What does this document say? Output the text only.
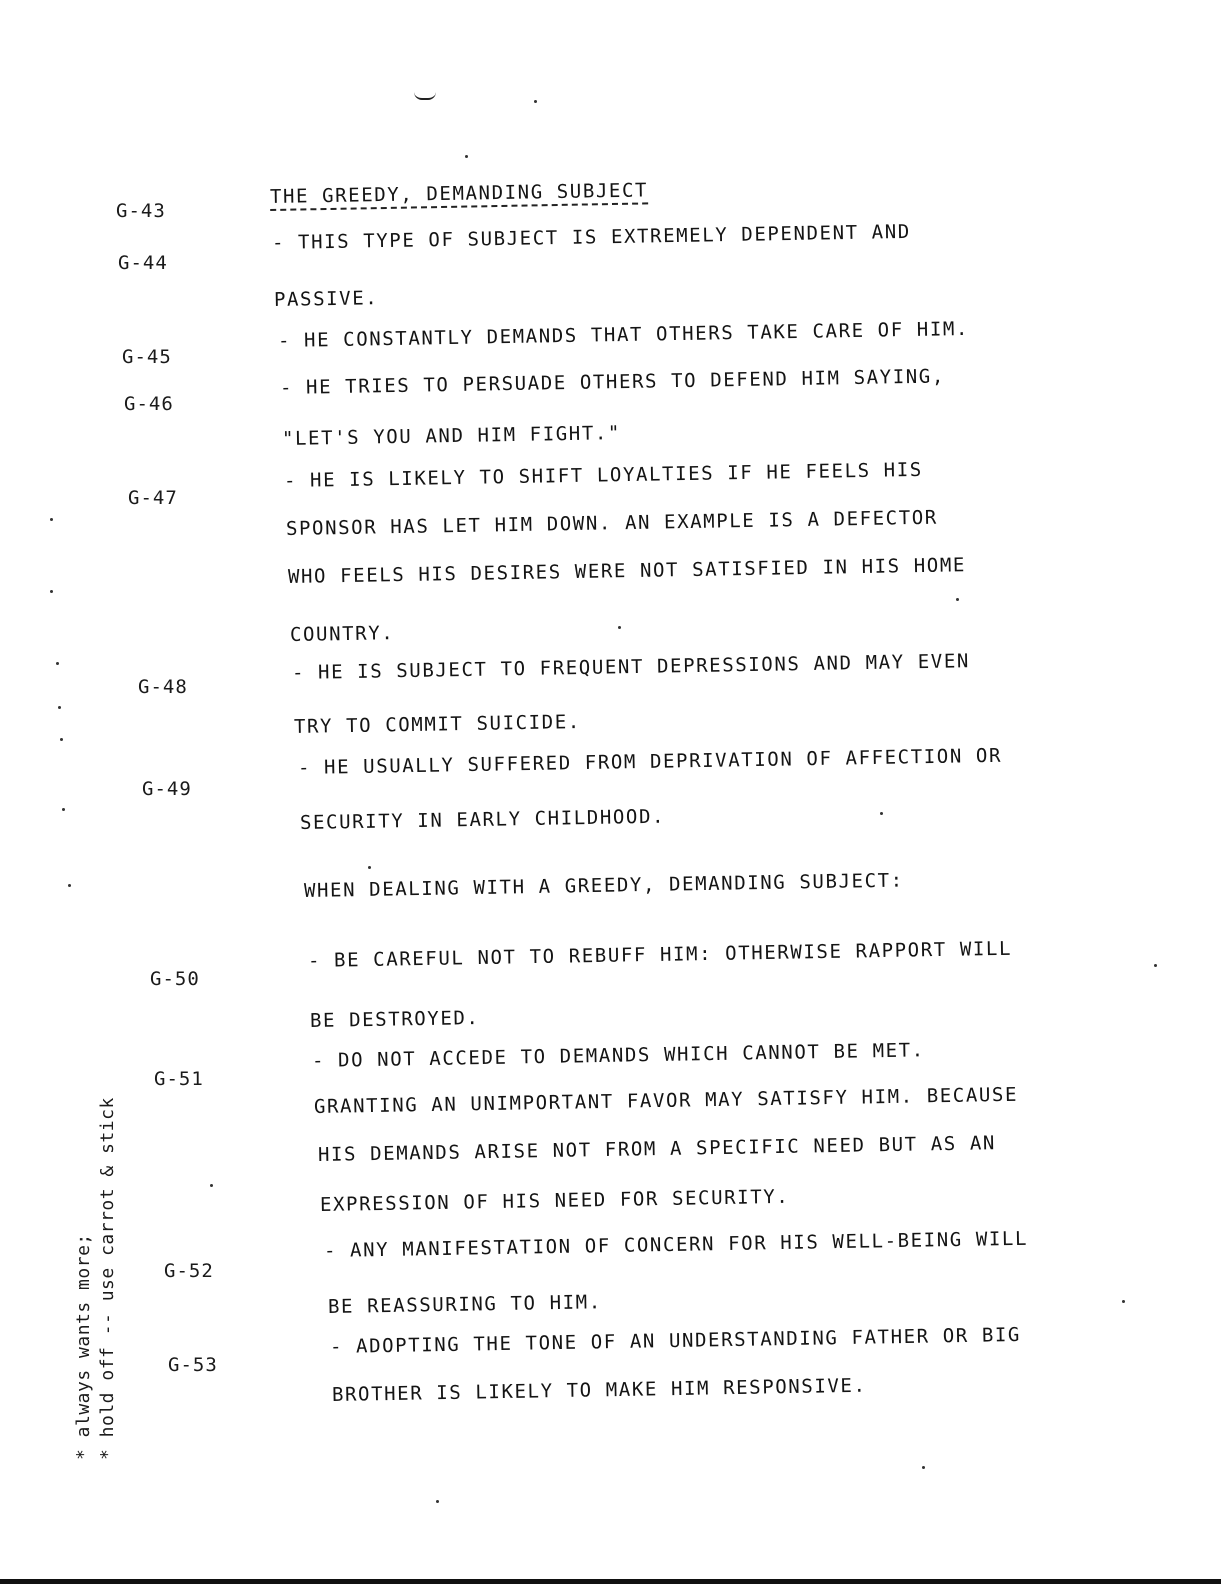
G-43
G-44
G-45
G-46
G-47
G-48
G-49
G-50
G-51
G-52
G-53
THE GREEDY, DEMANDING SUBJECT
- THIS TYPE OF SUBJECT IS EXTREMELY DEPENDENT AND
PASSIVE.
- HE CONSTANTLY DEMANDS THAT OTHERS TAKE CARE OF HIM.
- HE TRIES TO PERSUADE OTHERS TO DEFEND HIM SAYING,
"LET'S YOU AND HIM FIGHT."
- HE IS LIKELY TO SHIFT LOYALTIES IF HE FEELS HIS
SPONSOR HAS LET HIM DOWN. AN EXAMPLE IS A DEFECTOR
WHO FEELS HIS DESIRES WERE NOT SATISFIED IN HIS HOME
COUNTRY.
- HE IS SUBJECT TO FREQUENT DEPRESSIONS AND MAY EVEN
TRY TO COMMIT SUICIDE.
- HE USUALLY SUFFERED FROM DEPRIVATION OF AFFECTION OR
SECURITY IN EARLY CHILDHOOD.
WHEN DEALING WITH A GREEDY, DEMANDING SUBJECT:
- BE CAREFUL NOT TO REBUFF HIM: OTHERWISE RAPPORT WILL
BE DESTROYED.
- DO NOT ACCEDE TO DEMANDS WHICH CANNOT BE MET.
GRANTING AN UNIMPORTANT FAVOR MAY SATISFY HIM. BECAUSE
HIS DEMANDS ARISE NOT FROM A SPECIFIC NEED BUT AS AN
EXPRESSION OF HIS NEED FOR SECURITY.
- ANY MANIFESTATION OF CONCERN FOR HIS WELL-BEING WILL
BE REASSURING TO HIM.
- ADOPTING THE TONE OF AN UNDERSTANDING FATHER OR BIG
BROTHER IS LIKELY TO MAKE HIM RESPONSIVE.
* always wants more; * hold off -- use carrot & stick
